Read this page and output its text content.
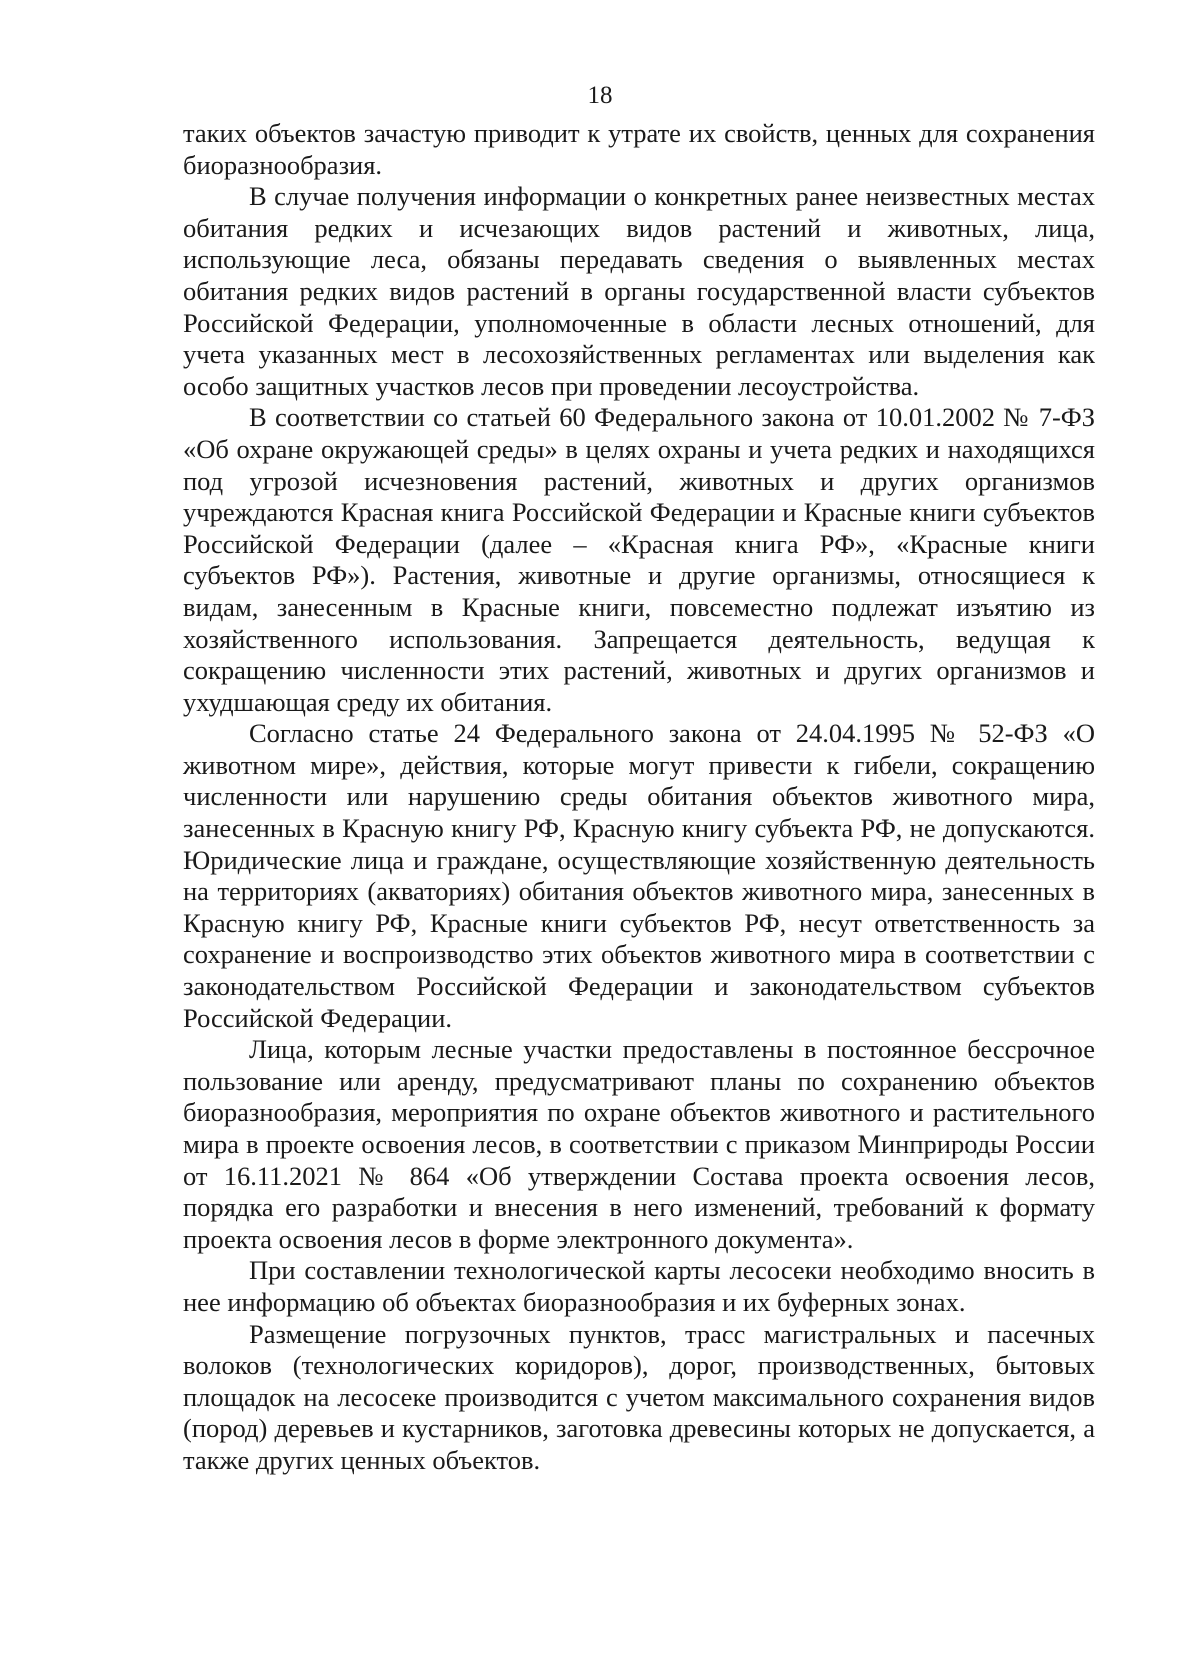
18

таких объектов зачастую приводит к утрате их свойств, ценных для сохранения биоразнообразия.

В случае получения информации о конкретных ранее неизвестных местах обитания редких и исчезающих видов растений и животных, лица, использующие леса, обязаны передавать сведения о выявленных местах обитания редких видов растений в органы государственной власти субъектов Российской Федерации, уполномоченные в области лесных отношений, для учета указанных мест в лесохозяйственных регламентах или выделения как особо защитных участков лесов при проведении лесоустройства.

В соответствии со статьей 60 Федерального закона от 10.01.2002 № 7-ФЗ «Об охране окружающей среды» в целях охраны и учета редких и находящихся под угрозой исчезновения растений, животных и других организмов учреждаются Красная книга Российской Федерации и Красные книги субъектов Российской Федерации (далее – «Красная книга РФ», «Красные книги субъектов РФ»). Растения, животные и другие организмы, относящиеся к видам, занесенным в Красные книги, повсеместно подлежат изъятию из хозяйственного использования. Запрещается деятельность, ведущая к сокращению численности этих растений, животных и других организмов и ухудшающая среду их обитания.

Согласно статье 24 Федерального закона от 24.04.1995 № 52-ФЗ «О животном мире», действия, которые могут привести к гибели, сокращению численности или нарушению среды обитания объектов животного мира, занесенных в Красную книгу РФ, Красную книгу субъекта РФ, не допускаются. Юридические лица и граждане, осуществляющие хозяйственную деятельность на территориях (акваториях) обитания объектов животного мира, занесенных в Красную книгу РФ, Красные книги субъектов РФ, несут ответственность за сохранение и воспроизводство этих объектов животного мира в соответствии с законодательством Российской Федерации и законодательством субъектов Российской Федерации.

Лица, которым лесные участки предоставлены в постоянное бессрочное пользование или аренду, предусматривают планы по сохранению объектов биоразнообразия, мероприятия по охране объектов животного и растительного мира в проекте освоения лесов, в соответствии с приказом Минприроды России от 16.11.2021 № 864 «Об утверждении Состава проекта освоения лесов, порядка его разработки и внесения в него изменений, требований к формату проекта освоения лесов в форме электронного документа».

При составлении технологической карты лесосеки необходимо вносить в нее информацию об объектах биоразнообразия и их буферных зонах.

Размещение погрузочных пунктов, трасс магистральных и пасечных волоков (технологических коридоров), дорог, производственных, бытовых площадок на лесосеке производится с учетом максимального сохранения видов (пород) деревьев и кустарников, заготовка древесины которых не допускается, а также других ценных объектов.
